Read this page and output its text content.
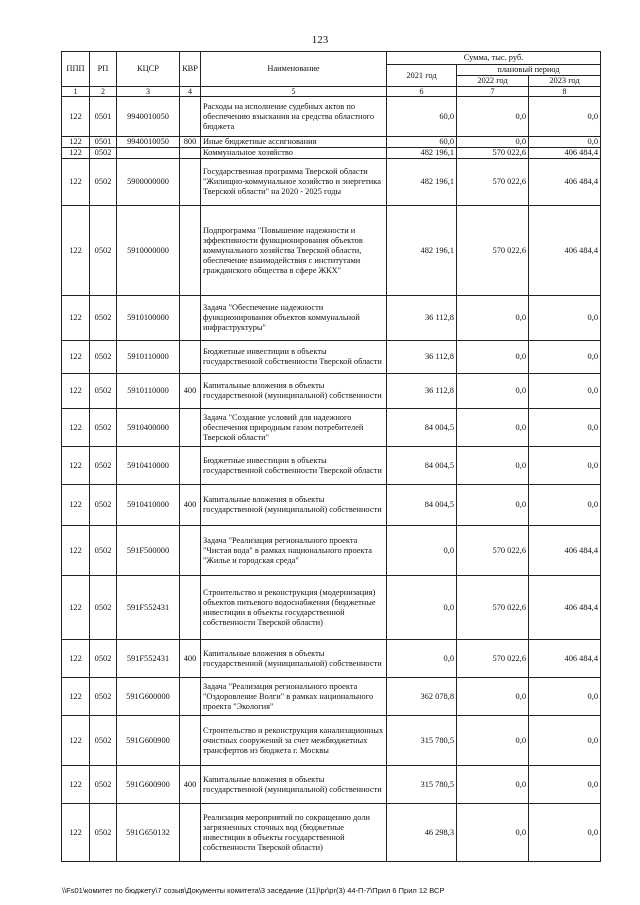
123
ППП	РП	КЦСР	КВР	Наименование	Сумма, тыс. руб.		
					2021 год	плановый период	
						2022 год	2023 год
1	2	3	4	5	6	7	8
122	0501	9940010050		Расходы на исполнение судебных актов по обеспечению взыскания на средства областного бюджета	60,0	0,0	0,0
122	0501	9940010050	800	Иные бюджетные ассигнования	60,0	0,0	0,0
122	0502			Коммунальное хозяйство	482 196,1	570 022,6	406 484,4
122	0502	5900000000		Государственная программа Тверской области "Жилищно-коммунальное хозяйство и энергетика Тверской области" на 2020 - 2025 годы	482 196,1	570 022,6	406 484,4
122	0502	5910000000		Подпрограмма "Повышение надежности и эффективности функционирования объектов коммунального хозяйства Тверской области, обеспечение взаимодействия с институтами гражданского общества в сфере ЖКХ"	482 196,1	570 022,6	406 484,4
122	0502	5910100000		Задача "Обеспечение надежности функционирования объектов коммунальной инфраструктуры"	36 112,8	0,0	0,0
122	0502	5910110000		Бюджетные инвестиции в объекты государственной собственности Тверской области	36 112,8	0,0	0,0
122	0502	5910110000	400	Капитальные вложения в объекты государственной (муниципальной) собственности	36 112,8	0,0	0,0
122	0502	5910400000		Задача "Создание условий для надежного обеспечения природным газом потребителей Тверской области"	84 004,5	0,0	0,0
122	0502	5910410000		Бюджетные инвестиции в объекты государственной собственности Тверской области	84 004,5	0,0	0,0
122	0502	5910410000	400	Капитальные вложения в объекты государственной (муниципальной) собственности	84 004,5	0,0	0,0
122	0502	591F500000		Задача "Реализация регионального проекта "Чистая вода" в рамках национального проекта "Жилье и городская среда"	0,0	570 022,6	406 484,4
122	0502	591F552431		Строительство и реконструкция (модернизация) объектов питьевого водоснабжения (бюджетные инвестиции в объекты государственной собственности Тверской области)	0,0	570 022,6	406 484,4
122	0502	591F552431	400	Капитальные вложения в объекты государственной (муниципальной) собственности	0,0	570 022,6	406 484,4
122	0502	591G600000		Задача "Реализация регионального проекта "Оздоровление Волги" в рамках национального проекта "Экология"	362 078,8	0,0	0,0
122	0502	591G600900		Строительство и реконструкция канализационных очистных сооружений за счет межбюджетных трансфертов из бюджета г. Москвы	315 780,5	0,0	0,0
122	0502	591G600900	400	Капитальные вложения в объекты государственной (муниципальной) собственности	315 780,5	0,0	0,0
122	0502	591G650132		Реализация мероприятий по сокращению доли загрязненных сточных вод (бюджетные инвестиции в объекты государственной собственности Тверской области)	46 298,3	0,0	0,0
\\Fs01\комитет по бюджету\7 созыв\Документы комитета\3 заседание (11)\pr\pr(3) 44-П-7\Прил 6 Прил 12 ВСР
